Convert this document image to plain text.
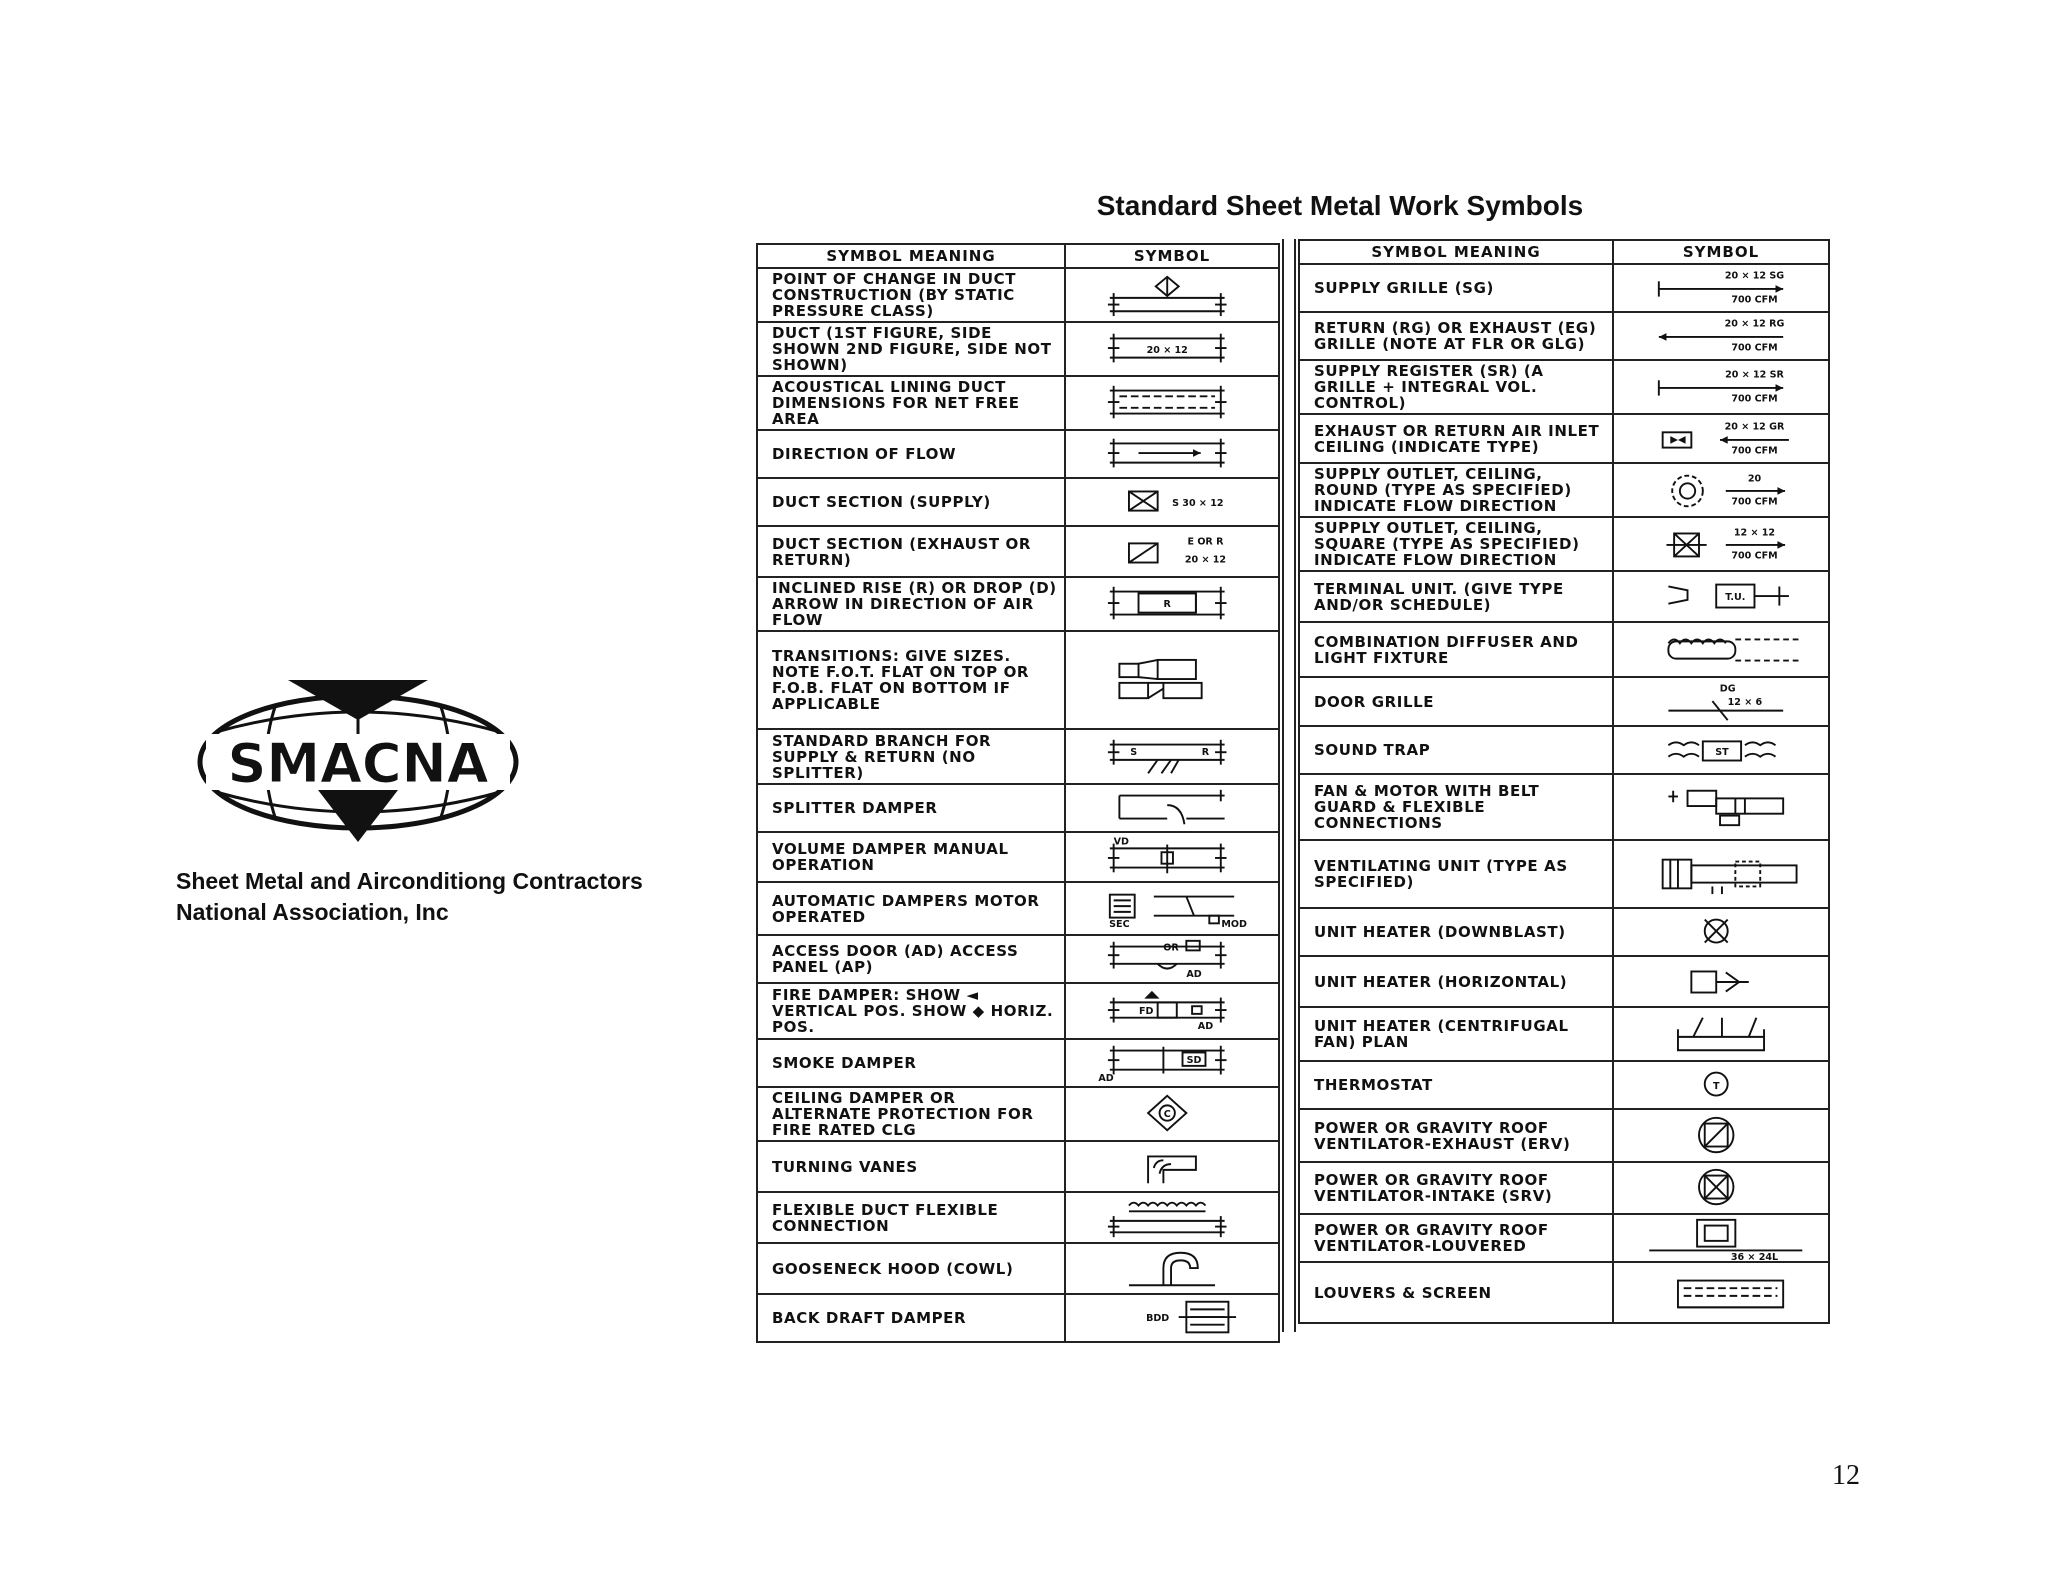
SMACNA
Sheet Metal and Airconditiong Contractors
National Association, Inc
Standard Sheet Metal Work Symbols
SYMBOL MEANING	SYMBOL
POINT OF CHANGE IN DUCT CONSTRUCTION (BY STATIC PRESSURE CLASS)	

DUCT (1ST FIGURE, SIDE SHOWN 2ND FIGURE, SIDE NOT SHOWN)	20 × 12

ACOUSTICAL LINING DUCT DIMENSIONS FOR NET FREE AREA	

DIRECTION OF FLOW	

DUCT SECTION (SUPPLY)	S 30 × 12

DUCT SECTION (EXHAUST OR RETURN)	E OR R
20 × 12

INCLINED RISE (R) OR DROP (D) ARROW IN DIRECTION OF AIR FLOW	R

TRANSITIONS: GIVE SIZES. NOTE F.O.T. FLAT ON TOP OR F.O.B. FLAT ON BOTTOM IF APPLICABLE	

STANDARD BRANCH FOR SUPPLY & RETURN (NO SPLITTER)	S R

SPLITTER DAMPER	

VOLUME DAMPER MANUAL OPERATION	VD

AUTOMATIC DAMPERS MOTOR OPERATED	SEC MOD

ACCESS DOOR (AD) ACCESS PANEL (AP)	OR
AD

FIRE DAMPER: SHOW ◄ VERTICAL POS. SHOW ◆ HORIZ. POS.	FD
AD

SMOKE DAMPER	SD
AD

CEILING DAMPER OR ALTERNATE PROTECTION FOR FIRE RATED CLG	C

TURNING VANES	

FLEXIBLE DUCT FLEXIBLE CONNECTION	

GOOSENECK HOOD (COWL)	

BACK DRAFT DAMPER	BDD
SYMBOL MEANING	SYMBOL
SUPPLY GRILLE (SG)	20 × 12 SG
700 CFM

RETURN (RG) OR EXHAUST (EG) GRILLE (NOTE AT FLR OR GLG)	20 × 12 RG
700 CFM

SUPPLY REGISTER (SR) (A GRILLE + INTEGRAL VOL. CONTROL)	20 × 12 SR
700 CFM

EXHAUST OR RETURN AIR INLET CEILING (INDICATE TYPE)	20 × 12 GR
700 CFM

SUPPLY OUTLET, CEILING, ROUND (TYPE AS SPECIFIED) INDICATE FLOW DIRECTION	20
700 CFM

SUPPLY OUTLET, CEILING, SQUARE (TYPE AS SPECIFIED) INDICATE FLOW DIRECTION	12 × 12
700 CFM

TERMINAL UNIT. (GIVE TYPE AND/OR SCHEDULE)	T.U.

COMBINATION DIFFUSER AND LIGHT FIXTURE	

DOOR GRILLE	DG
12 × 6

SOUND TRAP	ST

FAN & MOTOR WITH BELT GUARD & FLEXIBLE CONNECTIONS	

VENTILATING UNIT (TYPE AS SPECIFIED)	

UNIT HEATER (DOWNBLAST)	

UNIT HEATER (HORIZONTAL)	

UNIT HEATER (CENTRIFUGAL FAN) PLAN	

THERMOSTAT	T

POWER OR GRAVITY ROOF VENTILATOR-EXHAUST (ERV)	

POWER OR GRAVITY ROOF VENTILATOR-INTAKE (SRV)	

POWER OR GRAVITY ROOF VENTILATOR-LOUVERED	36 × 24L

LOUVERS & SCREEN	
12
